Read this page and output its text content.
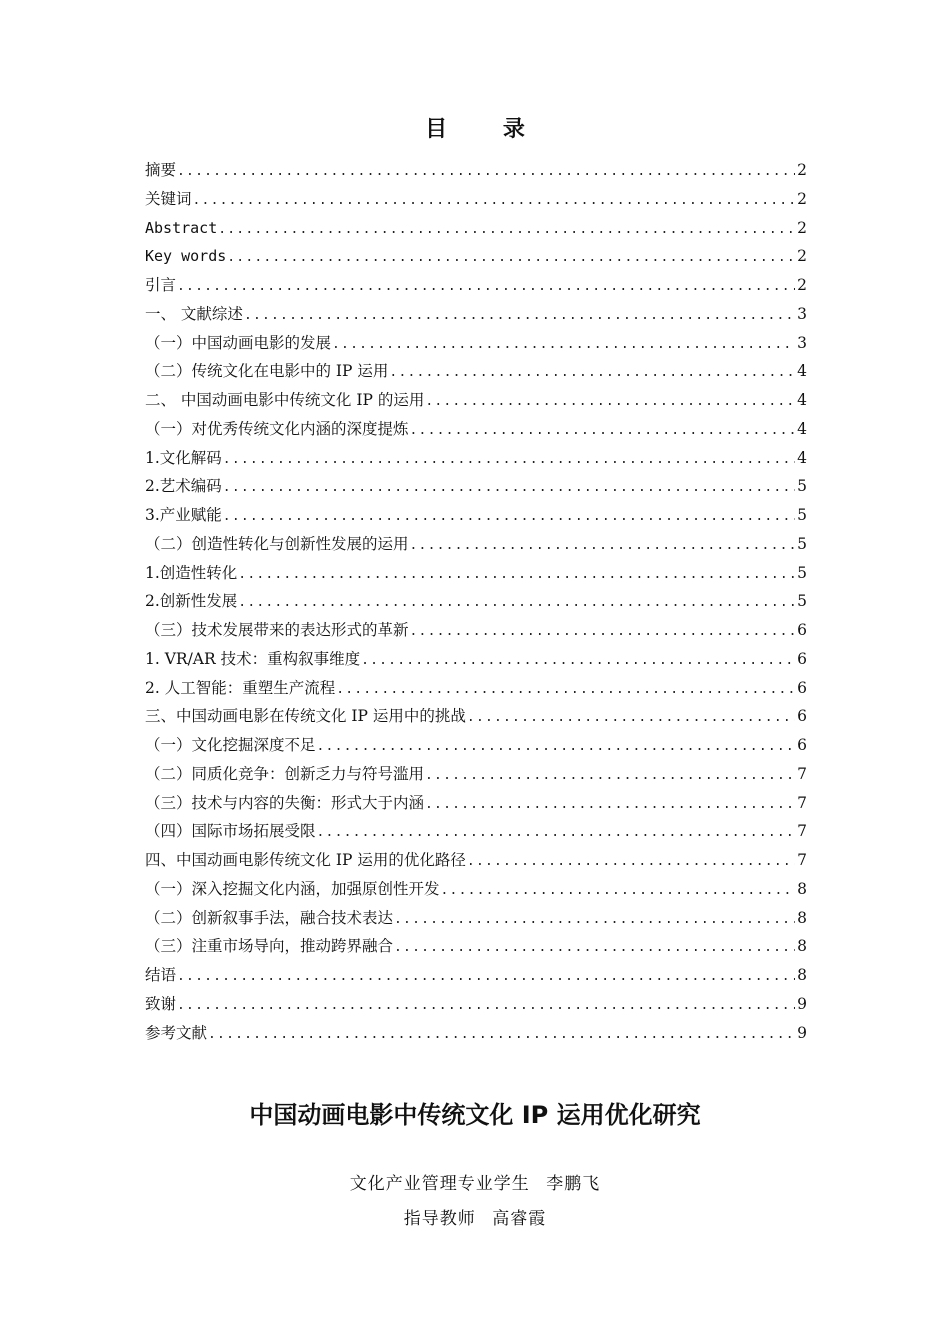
目 录
摘要 .....	2
关键词 .....	2
Abstract .....	2
Key words .....	2
引言 .....	2
一、 文献综述 .....	3
（一）中国动画电影的发展 .....	3
（二）传统文化在电影中的 IP 运用 .....	4
二、 中国动画电影中传统文化 IP 的运用 .....	4
（一）对优秀传统文化内涵的深度提炼 .....	4
1.文化解码 .....	4
2.艺术编码 .....	5
3.产业赋能 .....	5
（二）创造性转化与创新性发展的运用 .....	5
1.创造性转化 .....	5
2.创新性发展 .....	5
（三）技术发展带来的表达形式的革新 .....	6
1. VR/AR 技术：重构叙事维度 .....	6
2. 人工智能：重塑生产流程 .....	6
三、中国动画电影在传统文化 IP 运用中的挑战 .....	6
（一）文化挖掘深度不足 .....	6
（二）同质化竞争：创新乏力与符号滥用 .....	7
（三）技术与内容的失衡：形式大于内涵 .....	7
（四）国际市场拓展受限 .....	7
四、中国动画电影传统文化 IP 运用的优化路径 .....	7
（一）深入挖掘文化内涵，加强原创性开发 .....	8
（二）创新叙事手法，融合技术表达 .....	8
（三）注重市场导向，推动跨界融合 .....	8
结语 .....	8
致谢 .....	9
参考文献 .....	9
中国动画电影中传统文化 IP 运用优化研究
文化产业管理专业学生 李鹏飞
指导教师 高睿霞
